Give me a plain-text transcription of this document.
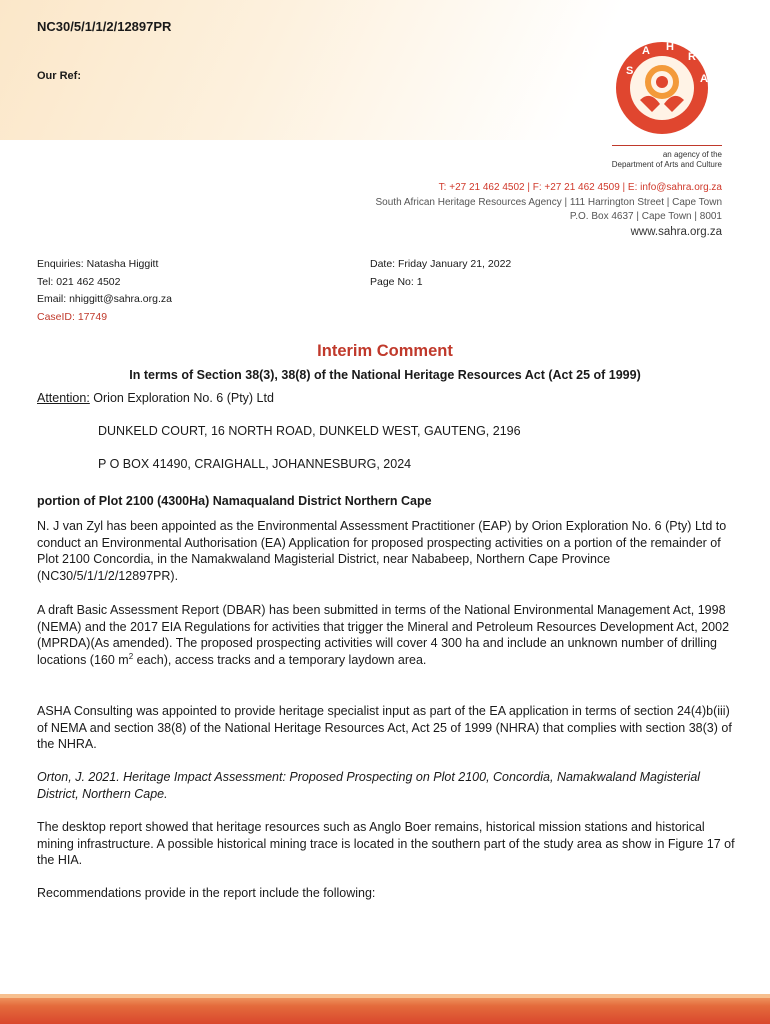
NC30/5/1/1/2/12897PR
Our Ref:	S
A H
R
A
an agency of the
Department of Arts and Culture
T: +27 21 462 4502 | F: +27 21 462 4509 | E: info@sahra.org.za
South African Heritage Resources Agency | 111 Harrington Street | Cape Town
P.O. Box 4637 | Cape Town | 8001
www.sahra.org.za
Enquiries: Natasha Higgitt
Tel: 021 462 4502
Email: nhiggitt@sahra.org.za
CaseID: 17749
Date: Friday January 21, 2022
Page No: 1
Interim Comment
In terms of Section 38(3), 38(8) of the National Heritage Resources Act (Act 25 of 1999)
Attention: Orion Exploration No. 6 (Pty) Ltd
DUNKELD COURT, 16 NORTH ROAD, DUNKELD WEST, GAUTENG, 2196
P O BOX 41490, CRAIGHALL, JOHANNESBURG, 2024
portion of Plot 2100 (4300Ha) Namaqualand District Northern Cape
N. J van Zyl has been appointed as the Environmental Assessment Practitioner (EAP) by Orion Exploration No. 6 (Pty) Ltd to conduct an Environmental Authorisation (EA) Application for proposed prospecting activities on a portion of the remainder of Plot 2100 Concordia, in the Namakwaland Magisterial District, near Nababeep, Northern Cape Province (NC30/5/1/1/2/12897PR).
A draft Basic Assessment Report (DBAR) has been submitted in terms of the National Environmental Management Act, 1998 (NEMA) and the 2017 EIA Regulations for activities that trigger the Mineral and Petroleum Resources Development Act, 2002 (MPRDA)(As amended). The proposed prospecting activities will cover 4 300 ha and include an unknown number of drilling locations (160 $m^2$ each), access tracks and a temporary laydown area.
ASHA Consulting was appointed to provide heritage specialist input as part of the EA application in terms of section 24(4)b(iii) of NEMA and section 38(8) of the National Heritage Resources Act, Act 25 of 1999 (NHRA) that complies with section 38(3) of the NHRA.
Orton, J. 2021. Heritage Impact Assessment: Proposed Prospecting on Plot 2100, Concordia, Namakwaland Magisterial District, Northern Cape.
The desktop report showed that heritage resources such as Anglo Boer remains, historical mission stations and historical mining infrastructure. A possible historical mining trace is located in the southern part of the study area as show in Figure 17 of the HIA.
Recommendations provide in the report include the following:
